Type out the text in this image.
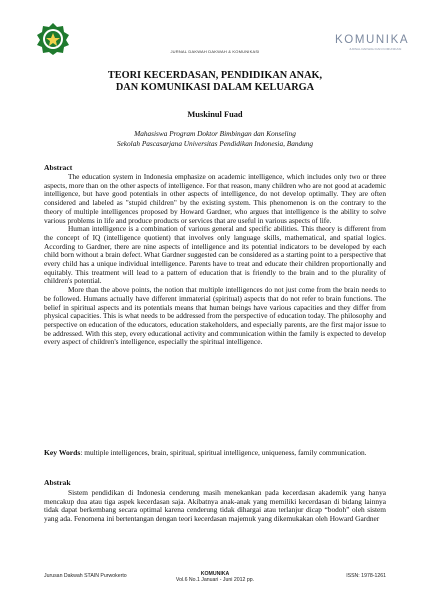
JURNAL DAKWAH DAKWAH & KOMUNIKASI
KOMUNIKA
JURNAL DAKWAH DAN KOMUNIKASI
TEORI KECERDASAN, PENDIDIKAN ANAK,
DAN KOMUNIKASI DALAM KELUARGA
Muskinul Fuad
Mahasiswa Program Doktor Bimbingan dan Konseling
Sekolah Pascasarjana Universitas Pendidikan Indonesia, Bandung
Abstract

The education system in Indonesia emphasize on academic intelligence, which includes only two or three aspects, more than on the other aspects of intelligence. For that reason, many children who are not good at academic intelligence, but have good potentials in other aspects of intelligence, do not develop optimally. They are often considered and labeled as "stupid children" by the existing system. This phenomenon is on the contrary to the theory of multiple intelligences proposed by Howard Gardner, who argues that intelligence is the ability to solve various problems in life and produce products or services that are useful in various aspects of life.

Human intelligence is a combination of various general and specific abilities. This theory is different from the concept of IQ (intelligence quotient) that involves only language skills, mathematical, and spatial logics. According to Gardner, there are nine aspects of intelligence and its potential indicators to be developed by each child born without a brain defect. What Gardner suggested can be considered as a starting point to a perspective that every child has a unique individual intelligence. Parents have to treat and educate their children proportionally and equitably. This treatment will lead to a pattern of education that is friendly to the brain and to the plurality of children's potential.

More than the above points, the notion that multiple intelligences do not just come from the brain needs to be followed. Humans actually have different immaterial (spiritual) aspects that do not refer to brain functions. The belief in spiritual aspects and its potentials means that human beings have various capacities and they differ from physical capacities. This is what needs to be addressed from the perspective of education today. The philosophy and perspective on education of the educators, education stakeholders, and especially parents, are the first major issue to be addressed. With this step, every educational activity and communication within the family is expected to develop every aspect of children's intelligence, especially the spiritual intelligence.

Key Words: multiple intelligences, brain, spiritual, spiritual intelligence, uniqueness, family communication.
Abstrak

Sistem pendidikan di Indonesia cenderung masih menekankan pada kecerdasan akademik yang hanya mencakup dua atau tiga aspek kecerdasan saja. Akibatnya anak-anak yang memiliki kecerdasan di bidang lainnya tidak dapat berkembang secara optimal karena cenderung tidak dihargai atau terlanjur dicap “bodoh” oleh sistem yang ada. Fenomena ini bertentangan dengan teori kecerdasan majemuk yang dikemukakan oleh Howard Gardner

Jurusan Dakwah STAIN Purwokerto	KOMUNIKA
Vol.6 No.1 Januari - Juni 2012 pp.
ISSN: 1978-1261
